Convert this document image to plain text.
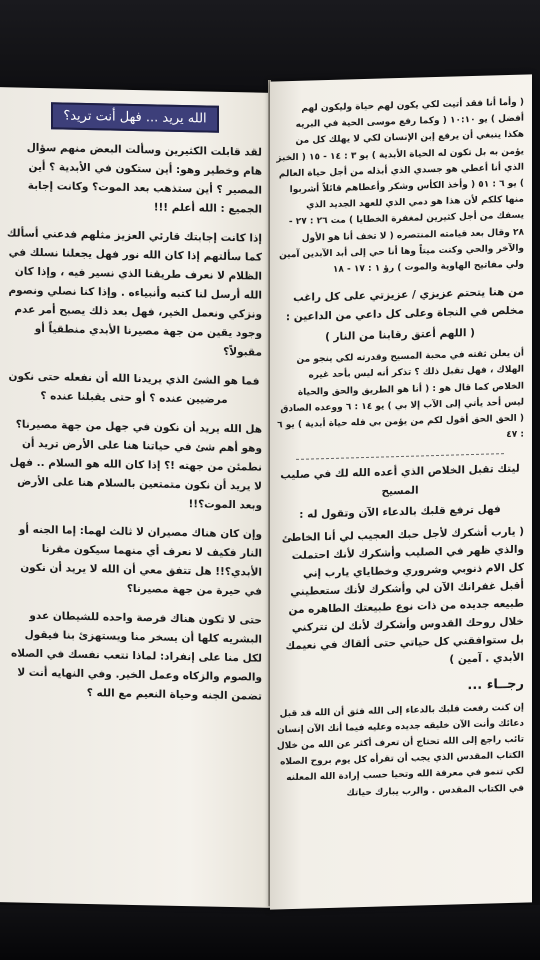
الله يريد ... فهل أنت تريد؟

لقد قابلت الكثيرين وسألت البعض منهم سؤال هام وخطير وهو: أين ستكون في الأبدية ؟ أين المصير ؟ أين ستذهب بعد الموت؟ وكانت إجابة الجميع : الله أعلم !!!

إذا كانت إجابتك قارئي العزيز مثلهم فدعني أسألك كما سألتهم إذا كان الله نور فهل يجعلنا نسلك في الظلام لا نعرف طريقنا الذي نسير فيه ، وإذا كان الله أرسل لنا كتبه وأنبياءه . وإذا كنا نصلي ونصوم ونزكي ونعمل الخير، فهل بعد ذلك يصبح أمر عدم وجود يقين من جهة مصيرنا الأبدي منطقياً أو مقبولاً؟

فما هو الشئ الذي يريدنا الله أن نفعله حتى نكون مرضيين عنده ؟ أو حتى يقبلنا عنده ؟

هل الله يريد أن نكون في جهل من جهة مصيرنا؟ وهو أهم شئ في حياتنا هنا على الأرض تريد أن نطمئن من جهته !؟ إذا كان الله هو السلام .. فهل لا يريد أن نكون متمتعين بالسلام هنا على الأرض وبعد الموت؟!!

وإن كان هناك مصيران لا ثالث لهما: إما الجنه أو النار فكيف لا نعرف أي منهما سيكون مقرنا الأبدي؟!! هل تتفق معي أن الله لا يريد أن نكون في حيرة من جهة مصيرنا؟

حتى لا تكون هناك فرصة واحده للشيطان عدو البشريه كلها أن يسخر منا ويستهزئ بنا فيقول لكل منا على إنفراد: لماذا تتعب نفسك في الصلاه والصوم والزكاه وعمل الخير. وفي النهايه أنت لا تضمن الجنه وحياة النعيم مع الله ؟

( وأما أنا فقد أتيت لكي يكون لهم حياة وليكون لهم أفضل ) يو ١٠:١٠ ( وكما رفع موسى الحية في البريه هكذا ينبغي أن يرفع إبن الإنسان لكي لا يهلك كل من يؤمن به بل تكون له الحياة الأبدية ) يو ٣ : ١٤ - ١٥ ( الخبز الذي أنا أعطي هو جسدي الذي أبذله من أجل حياة العالم ) يو ٦ : ٥١ ( وأخذ الكأس وشكر وأعطاهم قائلاً أشربوا منها كلكم لأن هذا هو دمي الذي للعهد الجديد الذي يسفك من أجل كثيرين لمغفرة الخطايا ) مت ٢٦ : ٢٧ - ٢٨ وقال بعد قيامته المنتصره ( لا تخف أنا هو الأول والآخر والحي وكنت ميتاً وها أنا حي إلى أبد الآبدين آمين ولي مفاتيح الهاوية والموت ) رؤ ١ : ١٧ - ١٨

من هنا يتحتم عزيزي / عزيزتي على كل راغب مخلص في النجاة وعلى كل داعي من الداعين :

( اللهم أعتق رقابنا من النار )

أن يعلن ثقته في محبة المسيح وقدرته لكي ينجو من الهلاك ، فهل تقبل ذلك ؟ تذكر أنه ليس بأحد غيره الخلاص كما قال هو : ( أنا هو الطريق والحق والحياة ليس أحد يأتي إلى الآب إلا بي ) يو ١٤ : ٦ ووعده الصادق ( الحق الحق أقول لكم من يؤمن بي فله حياة أبدية ) يو ٦ : ٤٧

ليتك تقبل الخلاص الذي أعده الله لك في صليب المسيح

فهل ترفع قلبك بالدعاء الآن وتقول له :

( يارب أشكرك لأجل حبك العجيب لي أنا الخاطئ والذي ظهر في الصليب وأشكرك لأنك احتملت كل الام ذنوبي وشروري وخطاياي يارب إني أقبل غفرانك الآن لي وأشكرك لأنك ستعطيني طبيعه جديده من ذات نوع طبيعتك الطاهره من خلال روحك القدوس وأشكرك لأنك لن تتركني بل ستوافقني كل حياتي حتى ألقاك في نعيمك الأبدي . آمين )

رجــاء ...

إن كنت رفعت قلبك بالدعاء إلى الله فثق أن الله قد قبل دعائك وأنت الآن خليقه جديده وعليه فيما أنك الآن إنسان تائب راجع إلى الله تحتاج أن تعرف أكثر عن الله من خلال الكتاب المقدس الذي يجب أن تقرأه كل يوم بروح الصلاه لكي تنمو في معرفة الله وتحيا حسب إرادة الله المعلنه في الكتاب المقدس . والرب يبارك حياتك
